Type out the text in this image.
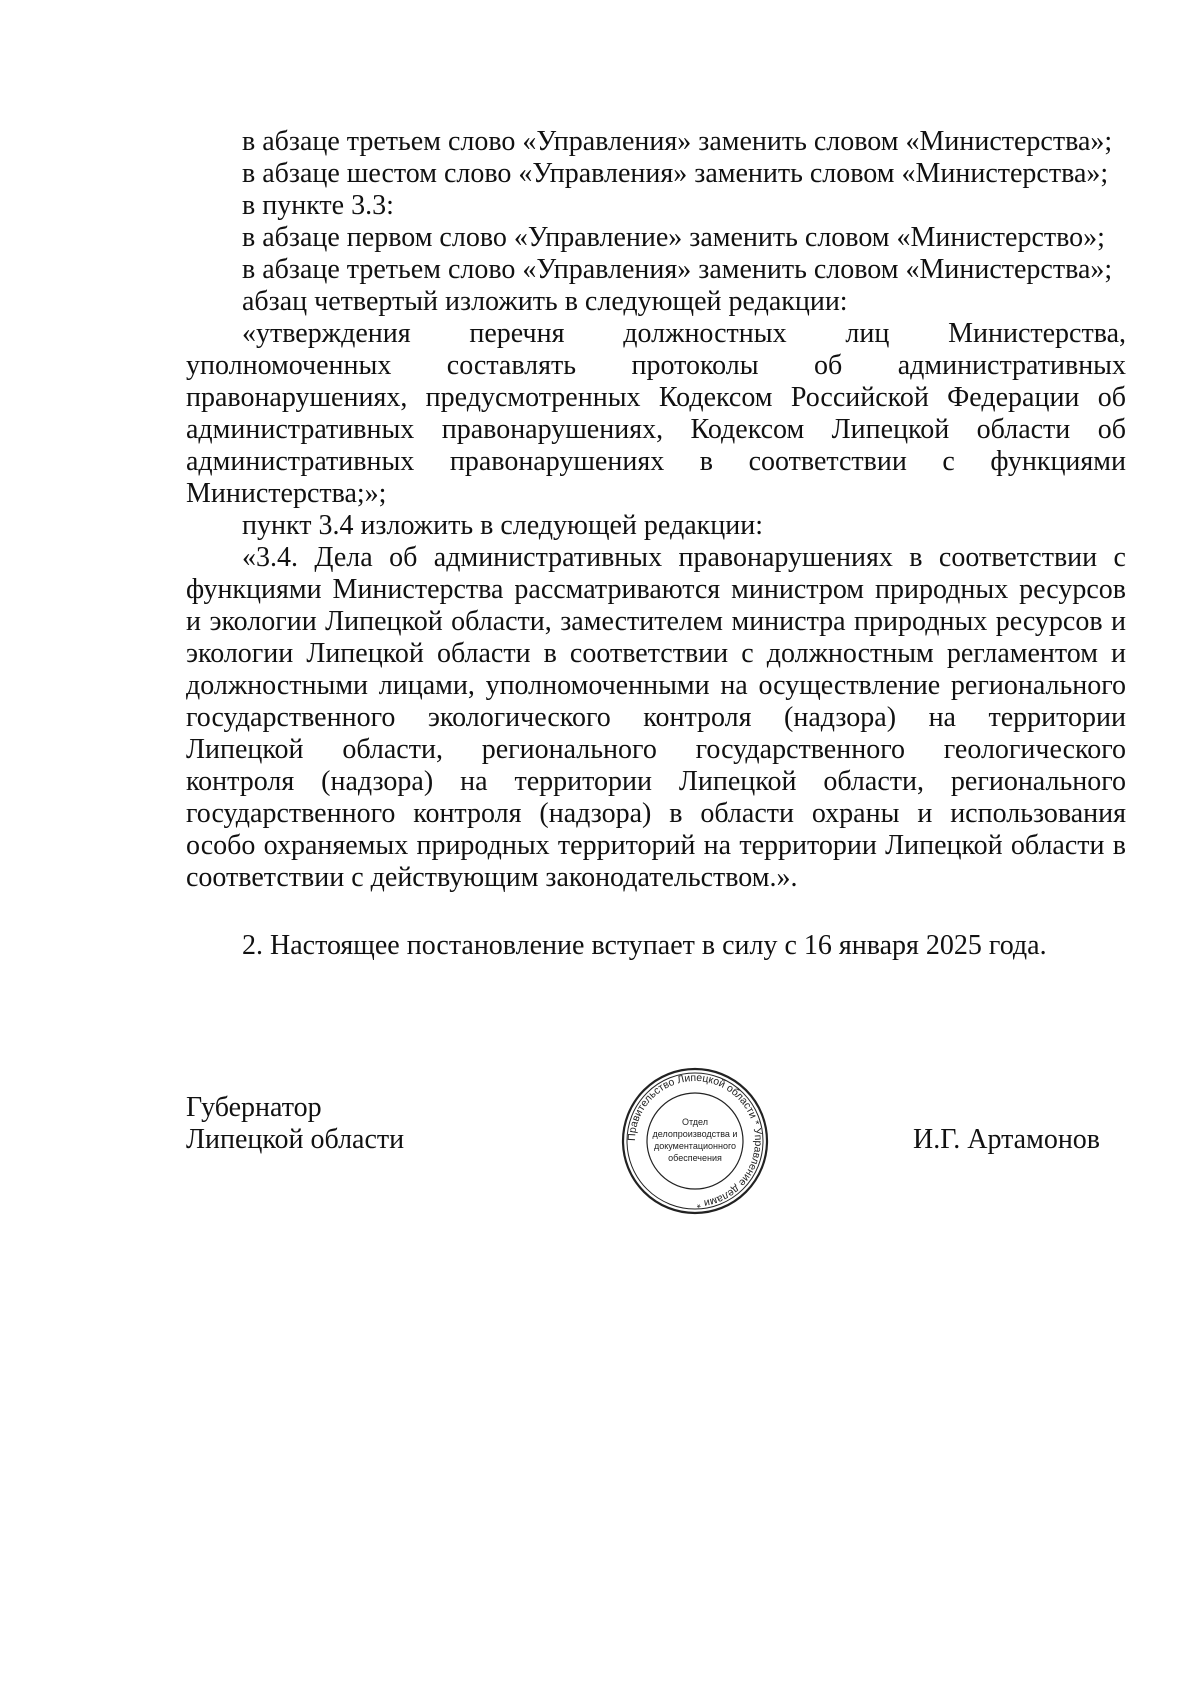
в абзаце третьем слово «Управления» заменить словом «Министерства»;
в абзаце шестом слово «Управления» заменить словом «Министерства»;
в пункте 3.3:
в абзаце первом слово «Управление» заменить словом «Министерство»;
в абзаце третьем слово «Управления» заменить словом «Министерства»;
абзац четвертый изложить в следующей редакции:
«утверждения перечня должностных лиц Министерства,
уполномоченных составлять протоколы об административных
правонарушениях, предусмотренных Кодексом Российской Федерации об
административных правонарушениях, Кодексом Липецкой области об
административных правонарушениях в соответствии с функциями
Министерства;»;
пункт 3.4 изложить в следующей редакции:
«3.4. Дела об административных правонарушениях в соответствии с
функциями Министерства рассматриваются министром природных ресурсов
и экологии Липецкой области, заместителем министра природных ресурсов и
экологии Липецкой области в соответствии с должностным регламентом и
должностными лицами, уполномоченными на осуществление регионального
государственного экологического контроля (надзора) на территории
Липецкой области, регионального государственного геологического
контроля (надзора) на территории Липецкой области, регионального
государственного контроля (надзора) в области охраны и использования
особо охраняемых природных территорий на территории Липецкой области в
соответствии с действующим законодательством.».
2. Настоящее постановление вступает в силу с 16 января 2025 года.
Губернатор
Липецкой области	И.Г. Артамонов
Правительство Липецкой области * Управление делами *
Отдел
делопроизводства и
документационного
обеспечения
